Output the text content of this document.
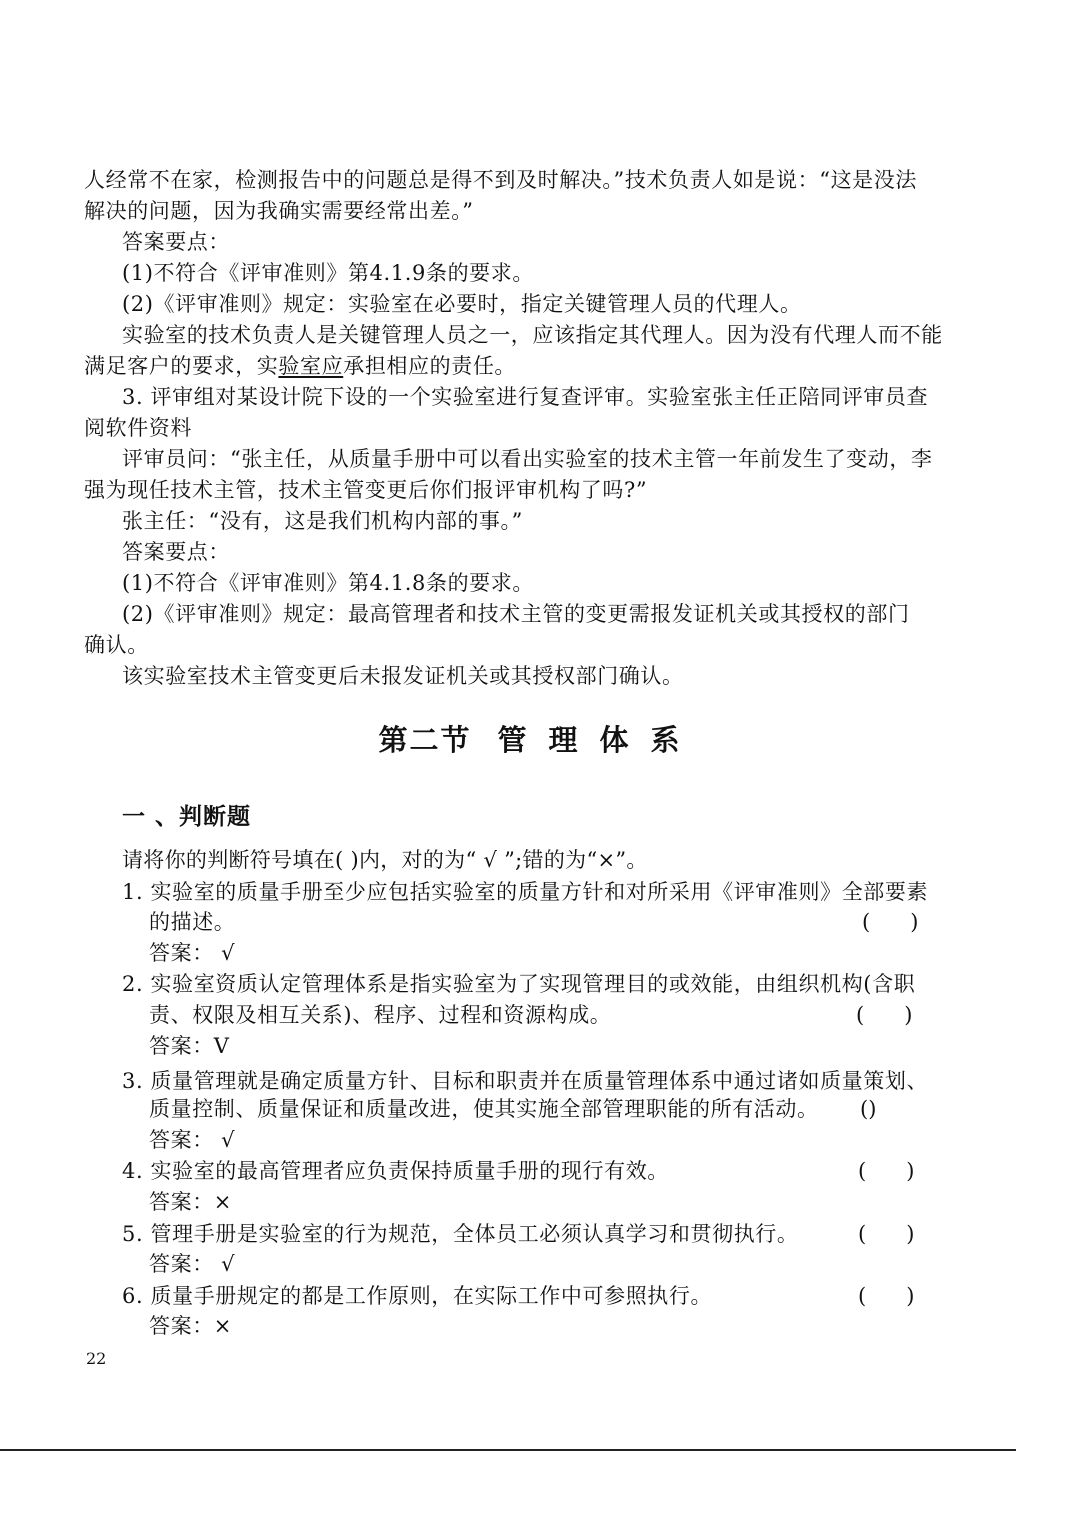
人经常不在家，检测报告中的问题总是得不到及时解决。”技术负责人如是说：“这是没法
解决的问题，因为我确实需要经常出差。”
答案要点：
(1)不符合《评审准则》第4.1.9条的要求。
(2)《评审准则》规定：实验室在必要时，指定关键管理人员的代理人。
实验室的技术负责人是关键管理人员之一，应该指定其代理人。因为没有代理人而不能
满足客户的要求，实验室应承担相应的责任。
3. 评审组对某设计院下设的一个实验室进行复查评审。实验室张主任正陪同评审员查
阅软件资料
评审员问：“张主任，从质量手册中可以看出实验室的技术主管一年前发生了变动，李
强为现任技术主管，技术主管变更后你们报评审机构了吗?”
张主任：“没有，这是我们机构内部的事。”
答案要点：
(1)不符合《评审准则》第4.1.8条的要求。
(2)《评审准则》规定：最高管理者和技术主管的变更需报发证机关或其授权的部门
确认。
该实验室技术主管变更后未报发证机关或其授权部门确认。
第二节 管理体系
一 、判断题
请将你的判断符号填在( )内，对的为“ √ ”;错的为“×”。
1. 实验室的质量手册至少应包括实验室的质量方针和对所采用《评审准则》全部要素
的描述。	(      )
答案： √
2. 实验室资质认定管理体系是指实验室为了实现管理目的或效能，由组织机构(含职
责、权限及相互关系)、程序、过程和资源构成。	(      )
答案：V
3. 质量管理就是确定质量方针、目标和职责并在质量管理体系中通过诸如质量策划、
质量控制、质量保证和质量改进，使其实施全部管理职能的所有活动。 ()
答案： √
4. 实验室的最高管理者应负责保持质量手册的现行有效。	(      )
答案：×
5. 管理手册是实验室的行为规范，全体员工必须认真学习和贯彻执行。	(      )
答案： √
6. 质量手册规定的都是工作原则，在实际工作中可参照执行。	(      )
答案：×
22
